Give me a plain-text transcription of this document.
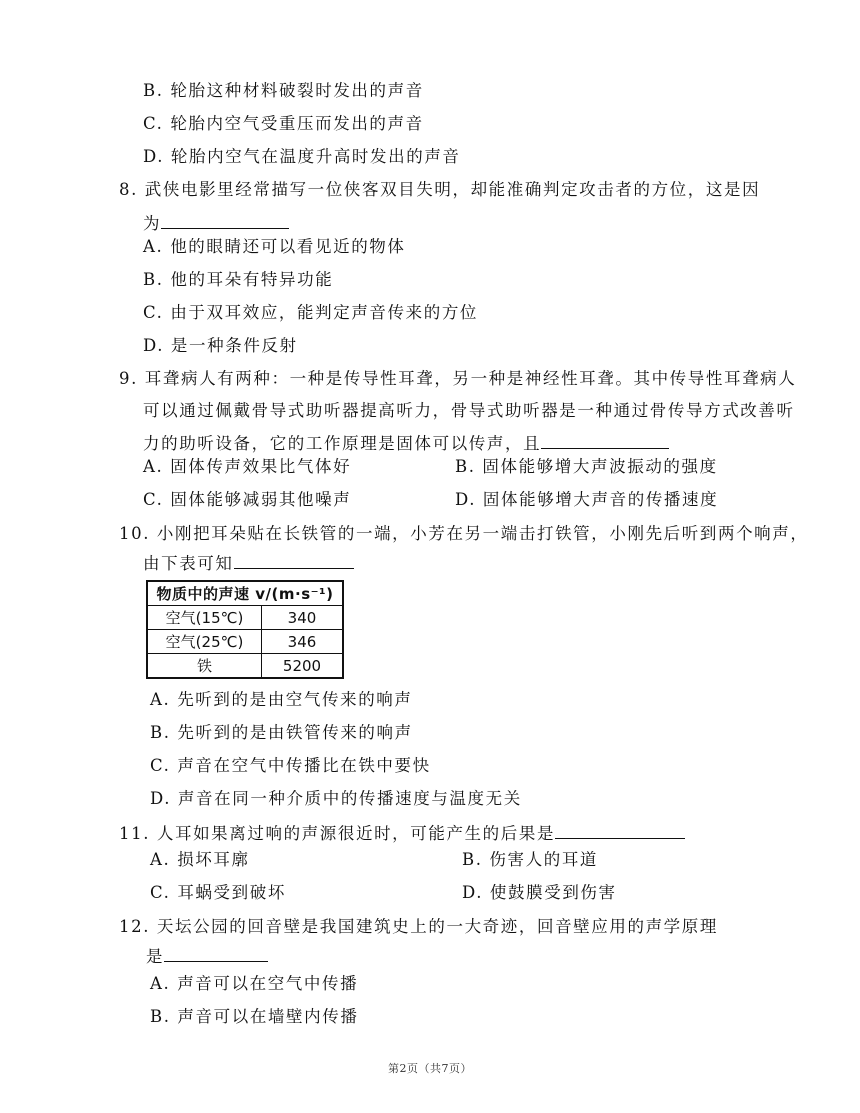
B. 轮胎这种材料破裂时发出的声音
C. 轮胎内空气受重压而发出的声音
D. 轮胎内空气在温度升高时发出的声音
8. 武侠电影里经常描写一位侠客双目失明，却能准确判定攻击者的方位，这是因
为
A. 他的眼睛还可以看见近的物体
B. 他的耳朵有特异功能
C. 由于双耳效应，能判定声音传来的方位
D. 是一种条件反射
9. 耳聋病人有两种：一种是传导性耳聋，另一种是神经性耳聋。其中传导性耳聋病人
可以通过佩戴骨导式助听器提高听力，骨导式助听器是一种通过骨传导方式改善听
力的助听设备，它的工作原理是固体可以传声，且
A. 固体传声效果比气体好	B. 固体能够增大声波振动的强度
C. 固体能够减弱其他噪声	D. 固体能够增大声音的传播速度
10. 小刚把耳朵贴在长铁管的一端，小芳在另一端击打铁管，小刚先后听到两个响声，
由下表可知
物质中的声速 v/(m·s⁻¹)	
空气(15℃)	340
空气(25℃)	346
铁	5200
A. 先听到的是由空气传来的响声
B. 先听到的是由铁管传来的响声
C. 声音在空气中传播比在铁中要快
D. 声音在同一种介质中的传播速度与温度无关
11. 人耳如果离过响的声源很近时，可能产生的后果是
A. 损坏耳廓	B. 伤害人的耳道
C. 耳蜗受到破坏	D. 使鼓膜受到伤害
12. 天坛公园的回音壁是我国建筑史上的一大奇迹，回音壁应用的声学原理
是
A. 声音可以在空气中传播
B. 声音可以在墙壁内传播
第2页（共7页）
